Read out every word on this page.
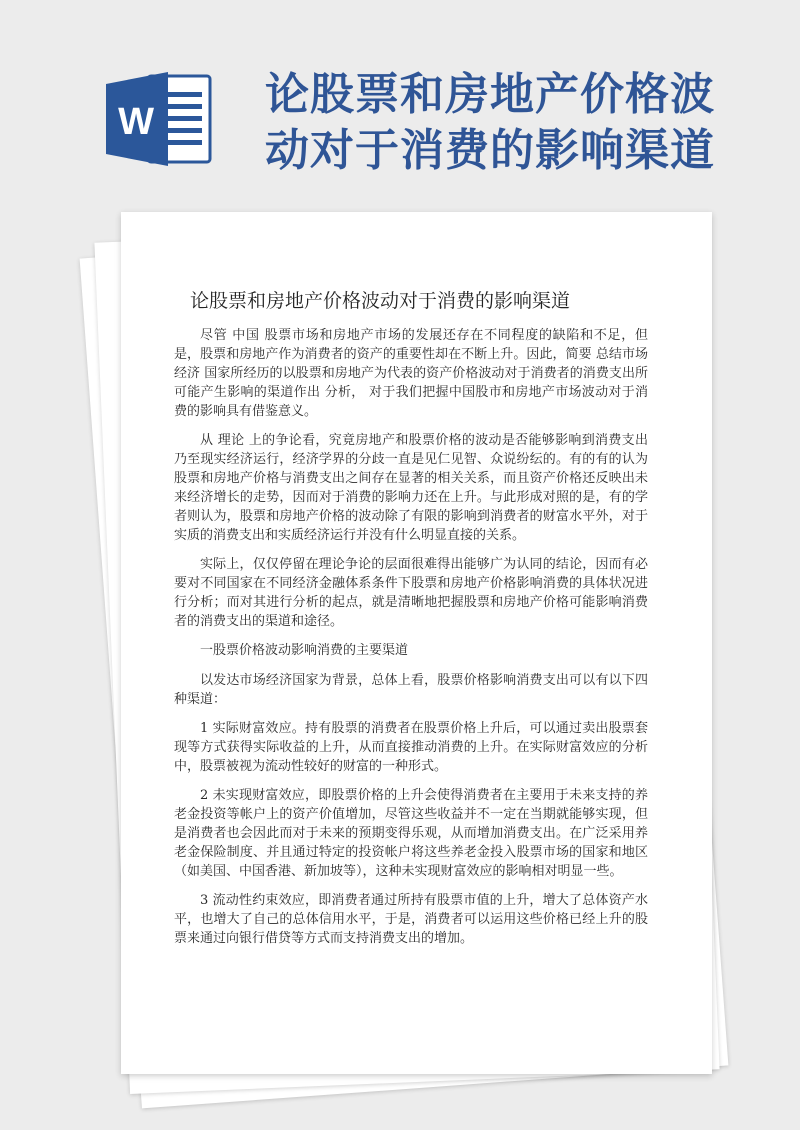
W
论股票和房地产价格波
动对于消费的影响渠道
论股票和房地产价格波动对于消费的影响渠道

尽管 中国 股票市场和房地产市场的发展还存在不同程度的缺陷和不足，但是，股票和房地产作为消费者的资产的重要性却在不断上升。因此，简要 总结市场 经济 国家所经历的以股票和房地产为代表的资产价格波动对于消费者的消费支出所可能产生影响的渠道作出 分析， 对于我们把握中国股市和房地产市场波动对于消费的影响具有借鉴意义。

从 理论 上的争论看，究竟房地产和股票价格的波动是否能够影响到消费支出乃至现实经济运行，经济学界的分歧一直是见仁见智、众说纷纭的。有的有的认为股票和房地产价格与消费支出之间存在显著的相关关系，而且资产价格还反映出未来经济增长的走势，因而对于消费的影响力还在上升。与此形成对照的是，有的学者则认为，股票和房地产价格的波动除了有限的影响到消费者的财富水平外，对于实质的消费支出和实质经济运行并没有什么明显直接的关系。

实际上，仅仅停留在理论争论的层面很难得出能够广为认同的结论，因而有必要对不同国家在不同经济金融体系条件下股票和房地产价格影响消费的具体状况进行分析；而对其进行分析的起点，就是清晰地把握股票和房地产价格可能影响消费者的消费支出的渠道和途径。

一股票价格波动影响消费的主要渠道

以发达市场经济国家为背景，总体上看，股票价格影响消费支出可以有以下四种渠道：

1 实际财富效应。持有股票的消费者在股票价格上升后，可以通过卖出股票套现等方式获得实际收益的上升，从而直接推动消费的上升。在实际财富效应的分析中，股票被视为流动性较好的财富的一种形式。

2 未实现财富效应，即股票价格的上升会使得消费者在主要用于未来支持的养老金投资等帐户上的资产价值增加，尽管这些收益并不一定在当期就能够实现，但是消费者也会因此而对于未来的预期变得乐观，从而增加消费支出。在广泛采用养老金保险制度、并且通过特定的投资帐户将这些养老金投入股票市场的国家和地区（如美国、中国香港、新加坡等），这种未实现财富效应的影响相对明显一些。

3 流动性约束效应，即消费者通过所持有股票市值的上升，增大了总体资产水平，也增大了自己的总体信用水平，于是，消费者可以运用这些价格已经上升的股票来通过向银行借贷等方式而支持消费支出的增加。
